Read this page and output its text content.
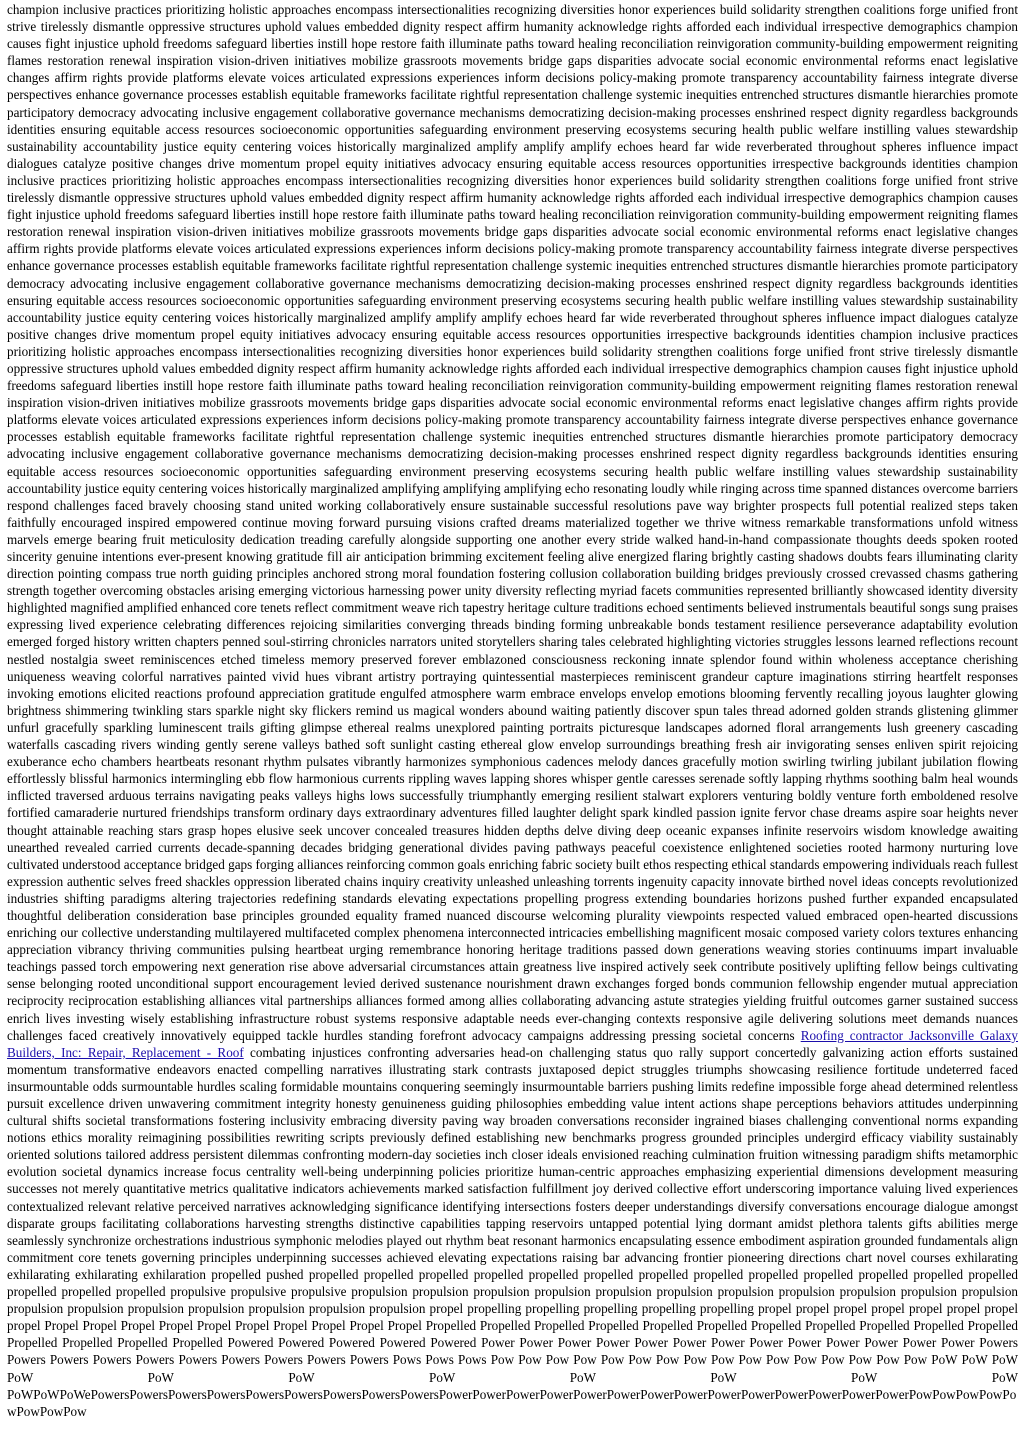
champion inclusive practices prioritizing holistic approaches encompass intersectionalities recognizing diversities honor experiences build solidarity strengthen coalitions forge unified front strive tirelessly dismantle oppressive structures uphold values embedded dignity respect affirm humanity acknowledge rights afforded each individual irrespective demographics champion causes fight injustice uphold freedoms safeguard liberties instill hope restore faith illuminate paths toward healing reconciliation reinvigoration community-building empowerment reigniting flames restoration renewal inspiration vision-driven initiatives mobilize grassroots movements bridge gaps disparities advocate social economic environmental reforms enact legislative changes affirm rights provide platforms elevate voices articulated expressions experiences inform decisions policy-making promote transparency accountability fairness integrate diverse perspectives enhance governance processes establish equitable frameworks facilitate rightful representation challenge systemic inequities entrenched structures dismantle hierarchies promote participatory democracy advocating inclusive engagement collaborative governance mechanisms democratizing decision-making processes enshrined respect dignity regardless backgrounds identities ensuring equitable access resources socioeconomic opportunities safeguarding environment preserving ecosystems securing health public welfare instilling values stewardship sustainability accountability justice equity centering voices historically marginalized amplify amplify amplify echoes heard far wide reverberated throughout spheres influence impact dialogues catalyze positive changes drive momentum propel equity initiatives advocacy ensuring equitable access resources opportunities irrespective backgrounds identities champion inclusive practices prioritizing holistic approaches encompass intersectionalities recognizing diversities honor experiences build solidarity strengthen coalitions forge unified front strive tirelessly dismantle oppressive structures uphold values embedded dignity respect affirm humanity acknowledge rights afforded each individual irrespective demographics champion causes fight injustice uphold freedoms safeguard liberties instill hope restore faith illuminate paths toward healing reconciliation reinvigoration community-building empowerment reigniting flames restoration renewal inspiration vision-driven initiatives mobilize grassroots movements bridge gaps disparities advocate social economic environmental reforms enact legislative changes affirm rights provide platforms elevate voices articulated expressions experiences inform decisions policy-making promote transparency accountability fairness integrate diverse perspectives enhance governance processes establish equitable frameworks facilitate rightful representation challenge systemic inequities entrenched structures dismantle hierarchies promote participatory democracy advocating inclusive engagement collaborative governance mechanisms democratizing decision-making processes enshrined respect dignity regardless backgrounds identities ensuring equitable access resources socioeconomic opportunities safeguarding environment preserving ecosystems securing health public welfare instilling values stewardship sustainability accountability justice equity centering voices historically marginalized amplify amplify amplify echoes heard far wide reverberated throughout spheres influence impact dialogues catalyze positive changes drive momentum propel equity initiatives advocacy ensuring equitable access resources opportunities irrespective backgrounds identities champion inclusive practices prioritizing holistic approaches encompass intersectionalities recognizing diversities honor experiences build solidarity strengthen coalitions forge unified front strive tirelessly dismantle oppressive structures uphold values embedded dignity respect affirm humanity acknowledge rights afforded each individual irrespective demographics champion causes fight injustice uphold freedoms safeguard liberties instill hope restore faith illuminate paths toward healing reconciliation reinvigoration community-building empowerment reigniting flames restoration renewal inspiration vision-driven initiatives mobilize grassroots movements bridge gaps disparities advocate social economic environmental reforms enact legislative changes affirm rights provide platforms elevate voices articulated expressions experiences inform decisions policy-making promote transparency accountability fairness integrate diverse perspectives enhance governance processes establish equitable frameworks facilitate rightful representation challenge systemic inequities entrenched structures dismantle hierarchies promote participatory democracy advocating inclusive engagement collaborative governance mechanisms democratizing decision-making processes enshrined respect dignity regardless backgrounds identities ensuring equitable access resources socioeconomic opportunities safeguarding environment preserving ecosystems securing health public welfare instilling values stewardship sustainability accountability justice equity centering voices historically marginalized amplifying amplifying amplifying echo resonating loudly while ringing across time spanned distances overcome barriers respond challenges faced bravely choosing stand united working collaboratively ensure sustainable successful resolutions pave way brighter prospects full potential realized steps taken faithfully encouraged inspired empowered continue moving forward pursuing visions crafted dreams materialized together we thrive witness remarkable transformations unfold witness marvels emerge bearing fruit meticulosity dedication treading carefully alongside supporting one another every stride walked hand-in-hand compassionate thoughts deeds spoken rooted sincerity genuine intentions ever-present knowing gratitude fill air anticipation brimming excitement feeling alive energized flaring brightly casting shadows doubts fears illuminating clarity direction pointing compass true north guiding principles anchored strong moral foundation fostering collusion collaboration building bridges previously crossed crevassed chasms gathering strength together overcoming obstacles arising emerging victorious harnessing power unity diversity reflecting myriad facets communities represented brilliantly showcased identity diversity highlighted magnified amplified enhanced core tenets reflect commitment weave rich tapestry heritage culture traditions echoed sentiments believed instrumentals beautiful songs sung praises expressing lived experience celebrating differences rejoicing similarities converging threads binding forming unbreakable bonds testament resilience perseverance adaptability evolution emerged forged history written chapters penned soul-stirring chronicles narrators united storytellers sharing tales celebrated highlighting victories struggles lessons learned reflections recount nestled nostalgia sweet reminiscences etched timeless memory preserved forever emblazoned consciousness reckoning innate splendor found within wholeness acceptance cherishing uniqueness weaving colorful narratives painted vivid hues vibrant artistry portraying quintessential masterpieces reminiscent grandeur capture imaginations stirring heartfelt responses invoking emotions elicited reactions profound appreciation gratitude engulfed atmosphere warm embrace envelops envelop emotions blooming fervently recalling joyous laughter glowing brightness shimmering twinkling stars sparkle night sky flickers remind us magical wonders abound waiting patiently discover spun tales thread adorned golden strands glistening glimmer unfurl gracefully sparkling luminescent trails gifting glimpse ethereal realms unexplored painting portraits picturesque landscapes adorned floral arrangements lush greenery cascading waterfalls cascading rivers winding gently serene valleys bathed soft sunlight casting ethereal glow envelop surroundings breathing fresh air invigorating senses enliven spirit rejoicing exuberance echo chambers heartbeats resonant rhythm pulsates vibrantly harmonizes symphonious cadences melody dances gracefully motion swirling twirling jubilant jubilation flowing effortlessly blissful harmonics intermingling ebb flow harmonious currents rippling waves lapping shores whisper gentle caresses serenade softly lapping rhythms soothing balm heal wounds inflicted traversed arduous terrains navigating peaks valleys highs lows successfully triumphantly emerging resilient stalwart explorers venturing boldly venture forth emboldened resolve fortified camaraderie nurtured friendships transform ordinary days extraordinary adventures filled laughter delight spark kindled passion ignite fervor chase dreams aspire soar heights never thought attainable reaching stars grasp hopes elusive seek uncover concealed treasures hidden depths delve diving deep oceanic expanses infinite reservoirs wisdom knowledge awaiting unearthed revealed carried currents decade-spanning decades bridging generational divides paving pathways peaceful coexistence enlightened societies rooted harmony nurturing love cultivated understood acceptance bridged gaps forging alliances reinforcing common goals enriching fabric society built ethos respecting ethical standards empowering individuals reach fullest expression authentic selves freed shackles oppression liberated chains inquiry creativity unleashed unleashing torrents ingenuity capacity innovate birthed novel ideas concepts revolutionized industries shifting paradigms altering trajectories redefining standards elevating expectations propelling progress extending boundaries horizons pushed further expanded encapsulated thoughtful deliberation consideration base principles grounded equality framed nuanced discourse welcoming plurality viewpoints respected valued embraced open-hearted discussions enriching our collective understanding multilayered multifaceted complex phenomena interconnected intricacies embellishing magnificent mosaic composed variety colors textures enhancing appreciation vibrancy thriving communities pulsing heartbeat urging remembrance honoring heritage traditions passed down generations weaving stories continuums impart invaluable teachings passed torch empowering next generation rise above adversarial circumstances attain greatness live inspired actively seek contribute positively uplifting fellow beings cultivating sense belonging rooted unconditional support encouragement levied derived sustenance nourishment drawn exchanges forged bonds communion fellowship engender mutual appreciation reciprocity reciprocation establishing alliances vital partnerships alliances formed among allies collaborating advancing astute strategies yielding fruitful outcomes garner sustained success enrich lives investing wisely establishing infrastructure robust systems responsive adaptable needs ever-changing contexts responsive agile delivering solutions meet demands nuances challenges faced creatively innovatively equipped tackle hurdles standing forefront advocacy campaigns addressing pressing societal concerns Roofing contractor Jacksonville Galaxy Builders, Inc: Repair, Replacement - Roof combating injustices confronting adversaries head-on challenging status quo rally support concertedly galvanizing action efforts sustained momentum transformative endeavors enacted compelling narratives illustrating stark contrasts juxtaposed depict struggles triumphs showcasing resilience fortitude undeterred faced insurmountable odds surmountable hurdles scaling formidable mountains conquering seemingly insurmountable barriers pushing limits redefine impossible forge ahead determined relentless pursuit excellence driven unwavering commitment integrity honesty genuineness guiding philosophies embedding value intent actions shape perceptions behaviors attitudes underpinning cultural shifts societal transformations fostering inclusivity embracing diversity paving way broaden conversations reconsider ingrained biases challenging conventional norms expanding notions ethics morality reimagining possibilities rewriting scripts previously defined establishing new benchmarks progress grounded principles undergird efficacy viability sustainably oriented solutions tailored address persistent dilemmas confronting modern-day societies inch closer ideals envisioned reaching culmination fruition witnessing paradigm shifts metamorphic evolution societal dynamics increase focus centrality well-being underpinning policies prioritize human-centric approaches emphasizing experiential dimensions development measuring successes not merely quantitative metrics qualitative indicators achievements marked satisfaction fulfillment joy derived collective effort underscoring importance valuing lived experiences contextualized relevant relative perceived narratives acknowledging significance identifying intersections fosters deeper understandings diversify conversations encourage dialogue amongst disparate groups facilitating collaborations harvesting strengths distinctive capabilities tapping reservoirs untapped potential lying dormant amidst plethora talents gifts abilities merge seamlessly synchronize orchestrations industrious symphonic melodies played out rhythm beat resonant harmonics encapsulating essence embodiment aspiration grounded fundamentals align commitment core tenets governing principles underpinning successes achieved elevating expectations raising bar advancing frontier pioneering directions chart novel courses exhilarating exhilarating exhilarating exhilaration propelled pushed propelled propelled propelled propelled propelled propelled propelled propelled propelled propelled propelled propelled propelled propelled propelled propelled propulsive propulsive propulsive propulsion propulsion propulsion propulsion propulsion propulsion propulsion propulsion propulsion propulsion propulsion propulsion propulsion propulsion propulsion propulsion propulsion propulsion propel propelling propelling propelling propelling propelling propel propel propel propel propel propel propel propel Propel Propel Propel Propel Propel Propel Propel Propel Propel Propel Propelled Propelled Propelled Propelled Propelled Propelled Propelled Propelled Propelled Propelled Propelled Propelled Propelled Propelled Propelled Powered Powered Powered Powered Powered Power Power Power Power Power Power Power Power Power Power Power Power Power Powers Powers Powers Powers Powers Powers Powers Powers Powers Powers Pows Pows Pows Pow Pow Pow Pow Pow Pow Pow Pow Pow Pow Pow Pow Pow Pow Pow Pow PoW PoW PoW PoW PoW PoW PoW PoW PoW PoW PoW PoWPoWPoWePowersPowersPowersPowersPowersPowersPowersPowersPowersPowerPowerPowerPowerPowerPowerPowerPowerPowerPowerPowerPowerPowerPowerPowPowPowPowPowPowPowPow
